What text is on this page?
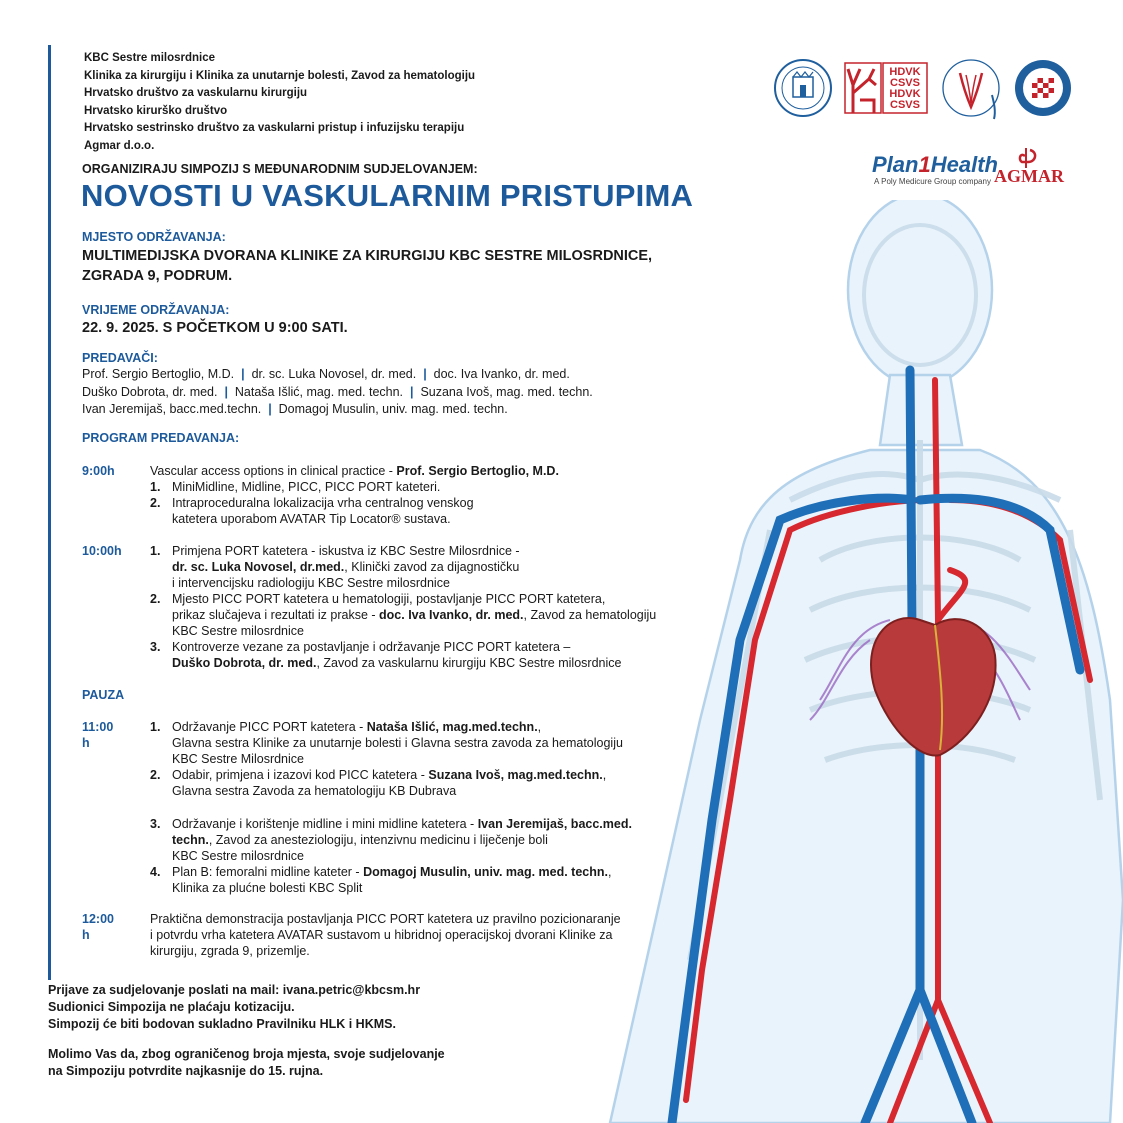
KBC Sestre milosrdnice
Klinika za kirurgiju i Klinika za unutarnje bolesti, Zavod za hematologiju
Hrvatsko društvo za vaskularnu kirurgiju
Hrvatsko kirurško društvo
Hrvatsko sestrinsko društvo za vaskularni pristup i infuzijsku terapiju
Agmar d.o.o.
HDVK
CSVS
HDVK
CSVS
Plan1Health
A Poly Medicure Group company AGMAR
ORGANIZIRAJU SIMPOZIJ S MEĐUNARODNIM SUDJELOVANJEM:
NOVOSTI U VASKULARNIM PRISTUPIMA
MJESTO ODRŽAVANJA:
MULTIMEDIJSKA DVORANA KLINIKE ZA KIRURGIJU KBC SESTRE MILOSRDNICE,
ZGRADA 9, PODRUM.
VRIJEME ODRŽAVANJA:
22. 9. 2025. S POČETKOM U 9:00 SATI.
PREDAVAČI:
Prof. Sergio Bertoglio, M.D. | dr. sc. Luka Novosel, dr. med. | doc. Iva Ivanko, dr. med.
Duško Dobrota, dr. med. | Nataša Išlić, mag. med. techn. | Suzana Ivoš, mag. med. techn.
Ivan Jeremijaš, bacc.med.techn. | Domagoj Musulin, univ. mag. med. techn.
PROGRAM PREDAVANJA:
9:00h	Vascular access options in clinical practice - Prof. Sergio Bertoglio, M.D.
1. MiniMidline, Midline, PICC, PICC PORT kateteri.
2. Intraproceduralna lokalizacija vrha centralnog venskog
katetera uporabom AVATAR Tip Locator® sustava.
10:00h 1. Primjena PORT katetera - iskustva iz KBC Sestre Milosrdnice -
dr. sc. Luka Novosel, dr.med., Klinički zavod za dijagnostičku
i intervencijsku radiologiju KBC Sestre milosrdnice
2. Mjesto PICC PORT katetera u hematologiji, postavljanje PICC PORT katetera,
prikaz slučajeva i rezultati iz prakse - doc. Iva Ivanko, dr. med., Zavod za hematologiju
KBC Sestre milosrdnice
3. Kontroverze vezane za postavljanje i održavanje PICC PORT katetera –
Duško Dobrota, dr. med., Zavod za vaskularnu kirurgiju KBC Sestre milosrdnice
PAUZA
11:00 h
1. Održavanje PICC PORT katetera - Nataša Išlić, mag.med.techn.,
Glavna sestra Klinike za unutarnje bolesti i Glavna sestra zavoda za hematologiju
KBC Sestre Milosrdnice
2. Odabir, primjena i izazovi kod PICC katetera - Suzana Ivoš, mag.med.techn.,
Glavna sestra Zavoda za hematologiju KB Dubrava
3. Održavanje i korištenje midline i mini midline katetera - Ivan Jeremijaš, bacc.med.
techn., Zavod za anesteziologiju, intenzivnu medicinu i liječenje boli
KBC Sestre milosrdnice
4. Plan B: femoralni midline kateter - Domagoj Musulin, univ. mag. med. techn.,
Klinika za plućne bolesti KBC Split
12:00 h
Praktična demonstracija postavljanja PICC PORT katetera uz pravilno pozicionaranje
i potvrdu vrha katetera AVATAR sustavom u hibridnoj operacijskoj dvorani Klinike za
kirurgiju, zgrada 9, prizemlje.
Prijave za sudjelovanje poslati na mail: ivana.petric@kbcsm.hr
Sudionici Simpozija ne plaćaju kotizaciju.
Simpozij će biti bodovan sukladno Pravilniku HLK i HKMS.
Molimo Vas da, zbog ograničenog broja mjesta, svoje sudjelovanje
na Simpoziju potvrdite najkasnije do 15. rujna.
